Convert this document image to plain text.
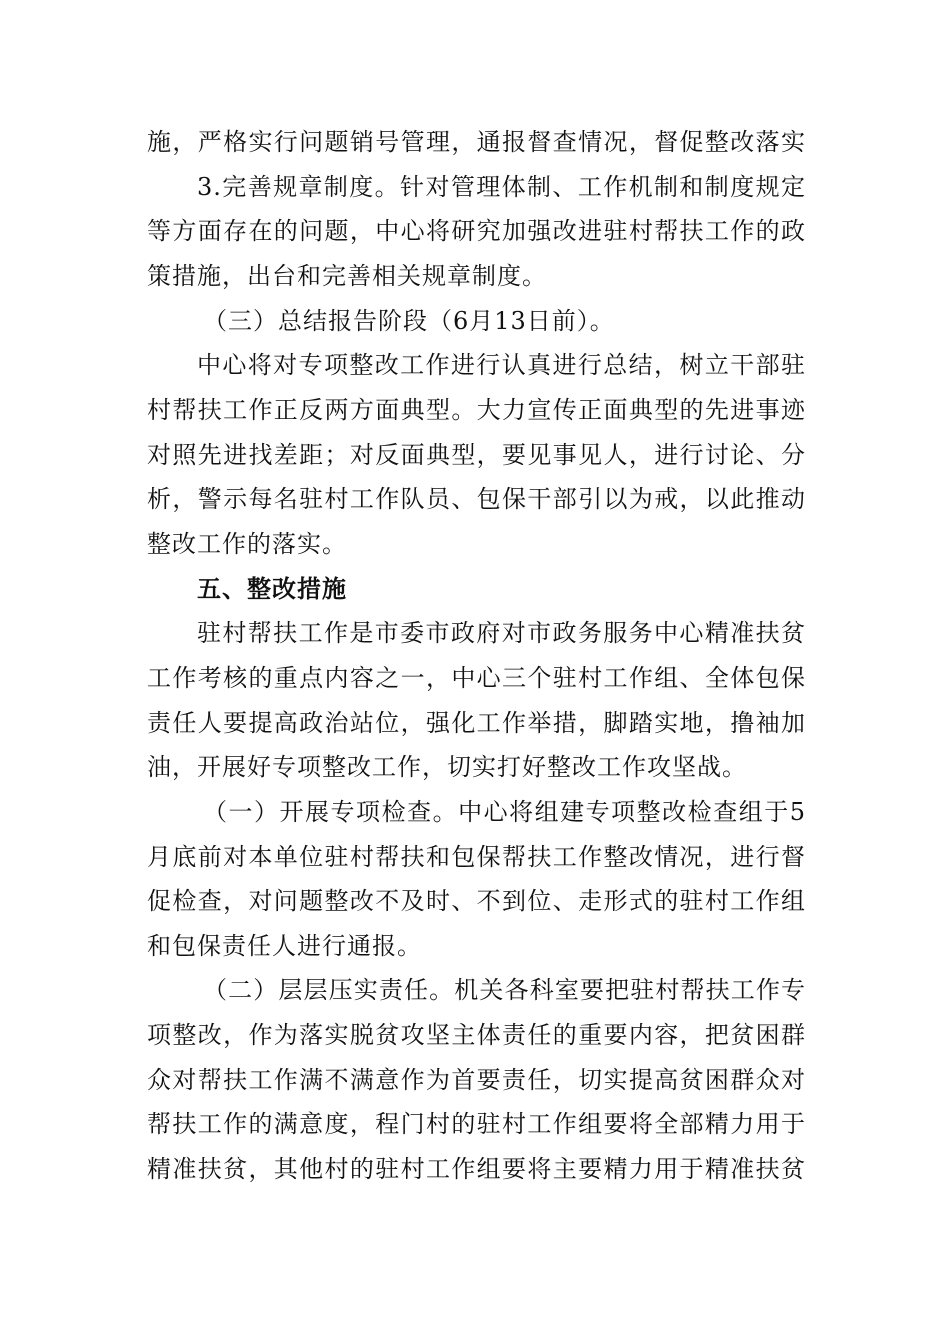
施，严格实行问题销号管理，通报督查情况，督促整改落实
3.完善规章制度。针对管理体制、工作机制和制度规定
等方面存在的问题，中心将研究加强改进驻村帮扶工作的政
策措施，出台和完善相关规章制度。
（三）总结报告阶段（6月13日前）。
中心将对专项整改工作进行认真进行总结，树立干部驻
村帮扶工作正反两方面典型。大力宣传正面典型的先进事迹
对照先进找差距；对反面典型，要见事见人，进行讨论、分
析，警示每名驻村工作队员、包保干部引以为戒，以此推动
整改工作的落实。
五、整改措施
驻村帮扶工作是市委市政府对市政务服务中心精准扶贫
工作考核的重点内容之一，中心三个驻村工作组、全体包保
责任人要提高政治站位，强化工作举措，脚踏实地，撸袖加
油，开展好专项整改工作，切实打好整改工作攻坚战。
（一）开展专项检查。中心将组建专项整改检查组于5
月底前对本单位驻村帮扶和包保帮扶工作整改情况，进行督
促检查，对问题整改不及时、不到位、走形式的驻村工作组
和包保责任人进行通报。
（二）层层压实责任。机关各科室要把驻村帮扶工作专
项整改，作为落实脱贫攻坚主体责任的重要内容，把贫困群
众对帮扶工作满不满意作为首要责任，切实提高贫困群众对
帮扶工作的满意度，程门村的驻村工作组要将全部精力用于
精准扶贫，其他村的驻村工作组要将主要精力用于精准扶贫
